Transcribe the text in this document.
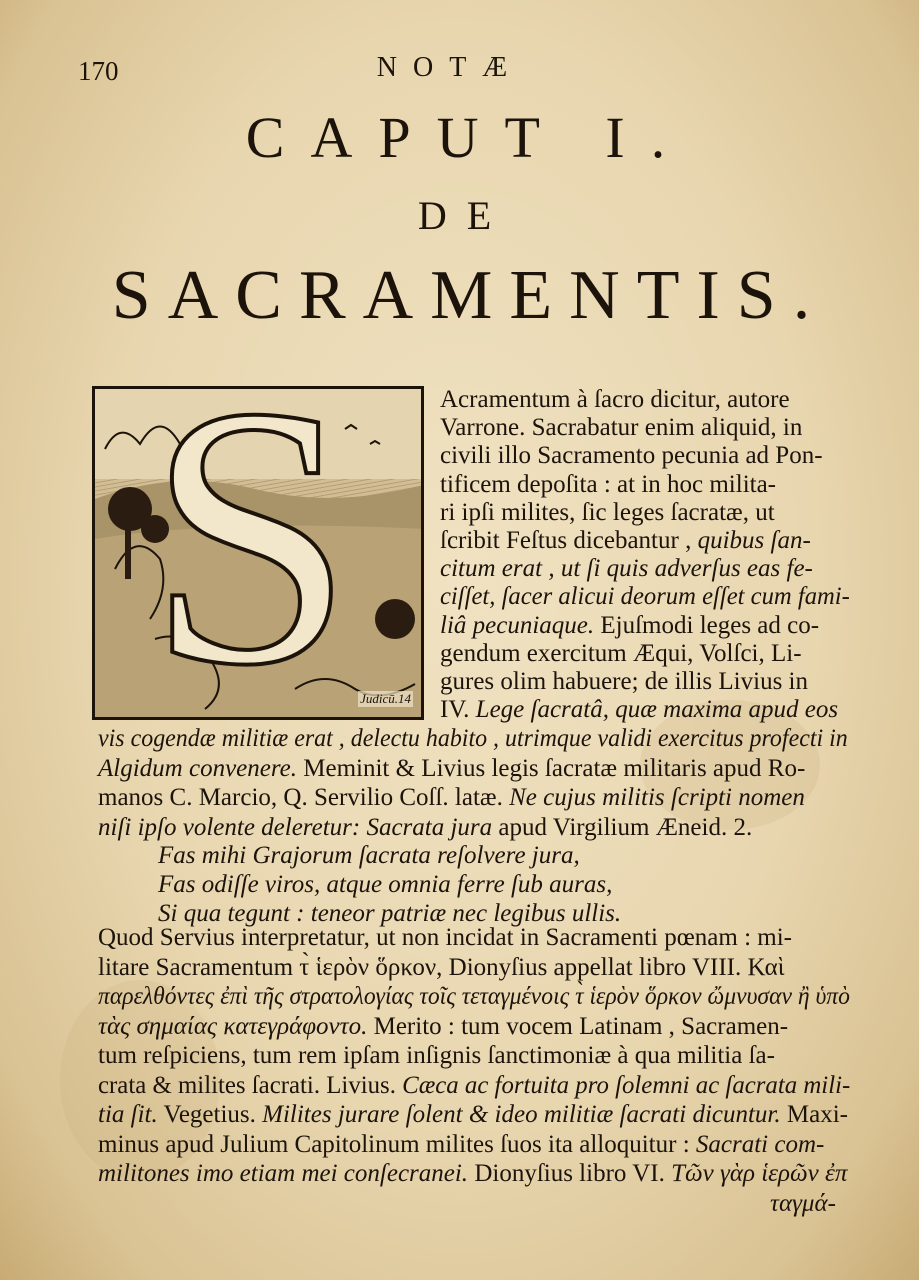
170	NOTÆ
CAPUT I.
DE
SACRAMENTIS.
S Judicū.14
Acramentum à ſacro dicitur, autore
Varrone. Sacrabatur enim aliquid, in
civili illo Sacramento pecunia ad Pon-
tificem depoſita : at in hoc milita-
ri ipſi milites, ſic leges ſacratæ, ut
ſcribit Feſtus dicebantur , quibus ſan-
citum erat , ut ſi quis adverſus eas fe-
ciſſet, ſacer alicui deorum eſſet cum fami-
liâ pecuniaque. Ejuſmodi leges ad co-
gendum exercitum Æqui, Volſci, Li-
gures olim habuere; de illis Livius in
IV. Lege ſacratâ, quæ maxima apud eos
vis cogendæ militiæ erat , delectu habito , utrimque validi exercitus profecti in
Algidum convenere. Meminit & Livius legis ſacratæ militaris apud Ro-
manos C. Marcio, Q. Servilio Coſſ. latæ. Ne cujus militis ſcripti nomen
niſi ipſo volente deleretur: Sacrata jura apud Virgilium Æneid. 2.
Fas mihi Grajorum ſacrata reſolvere jura,
Fas odiſſe viros, atque omnia ferre ſub auras,
Si qua tegunt : teneor patriæ nec legibus ullis.
Quod Servius interpretatur, ut non incidat in Sacramenti pœnam : mi-
litare Sacramentum τ̀ ἱερὸν ὅρκον, Dionyſius appellat libro VIII. Καὶ
παρελθόντες ἐπὶ τῆς στρατολογίας τοῖς τεταγμένοις τ̀ ἱερὸν ὅρκον ὤμνυσαν ἢ ὑπὸ
τὰς σημαίας κατεγράφοντο. Merito : tum vocem Latinam , Sacramen-
tum reſpiciens, tum rem ipſam inſignis ſanctimoniæ à qua militia ſa-
crata & milites ſacrati. Livius. Cæca ac fortuita pro ſolemni ac ſacrata mili-
tia ſit. Vegetius. Milites jurare ſolent & ideo militiæ ſacrati dicuntur. Maxi-
minus apud Julium Capitolinum milites ſuos ita alloquitur : Sacrati com-
militones imo etiam mei conſecranei. Dionyſius libro VI. Τῶν γὰρ ἱερῶν ἐπ
ταγμά-
